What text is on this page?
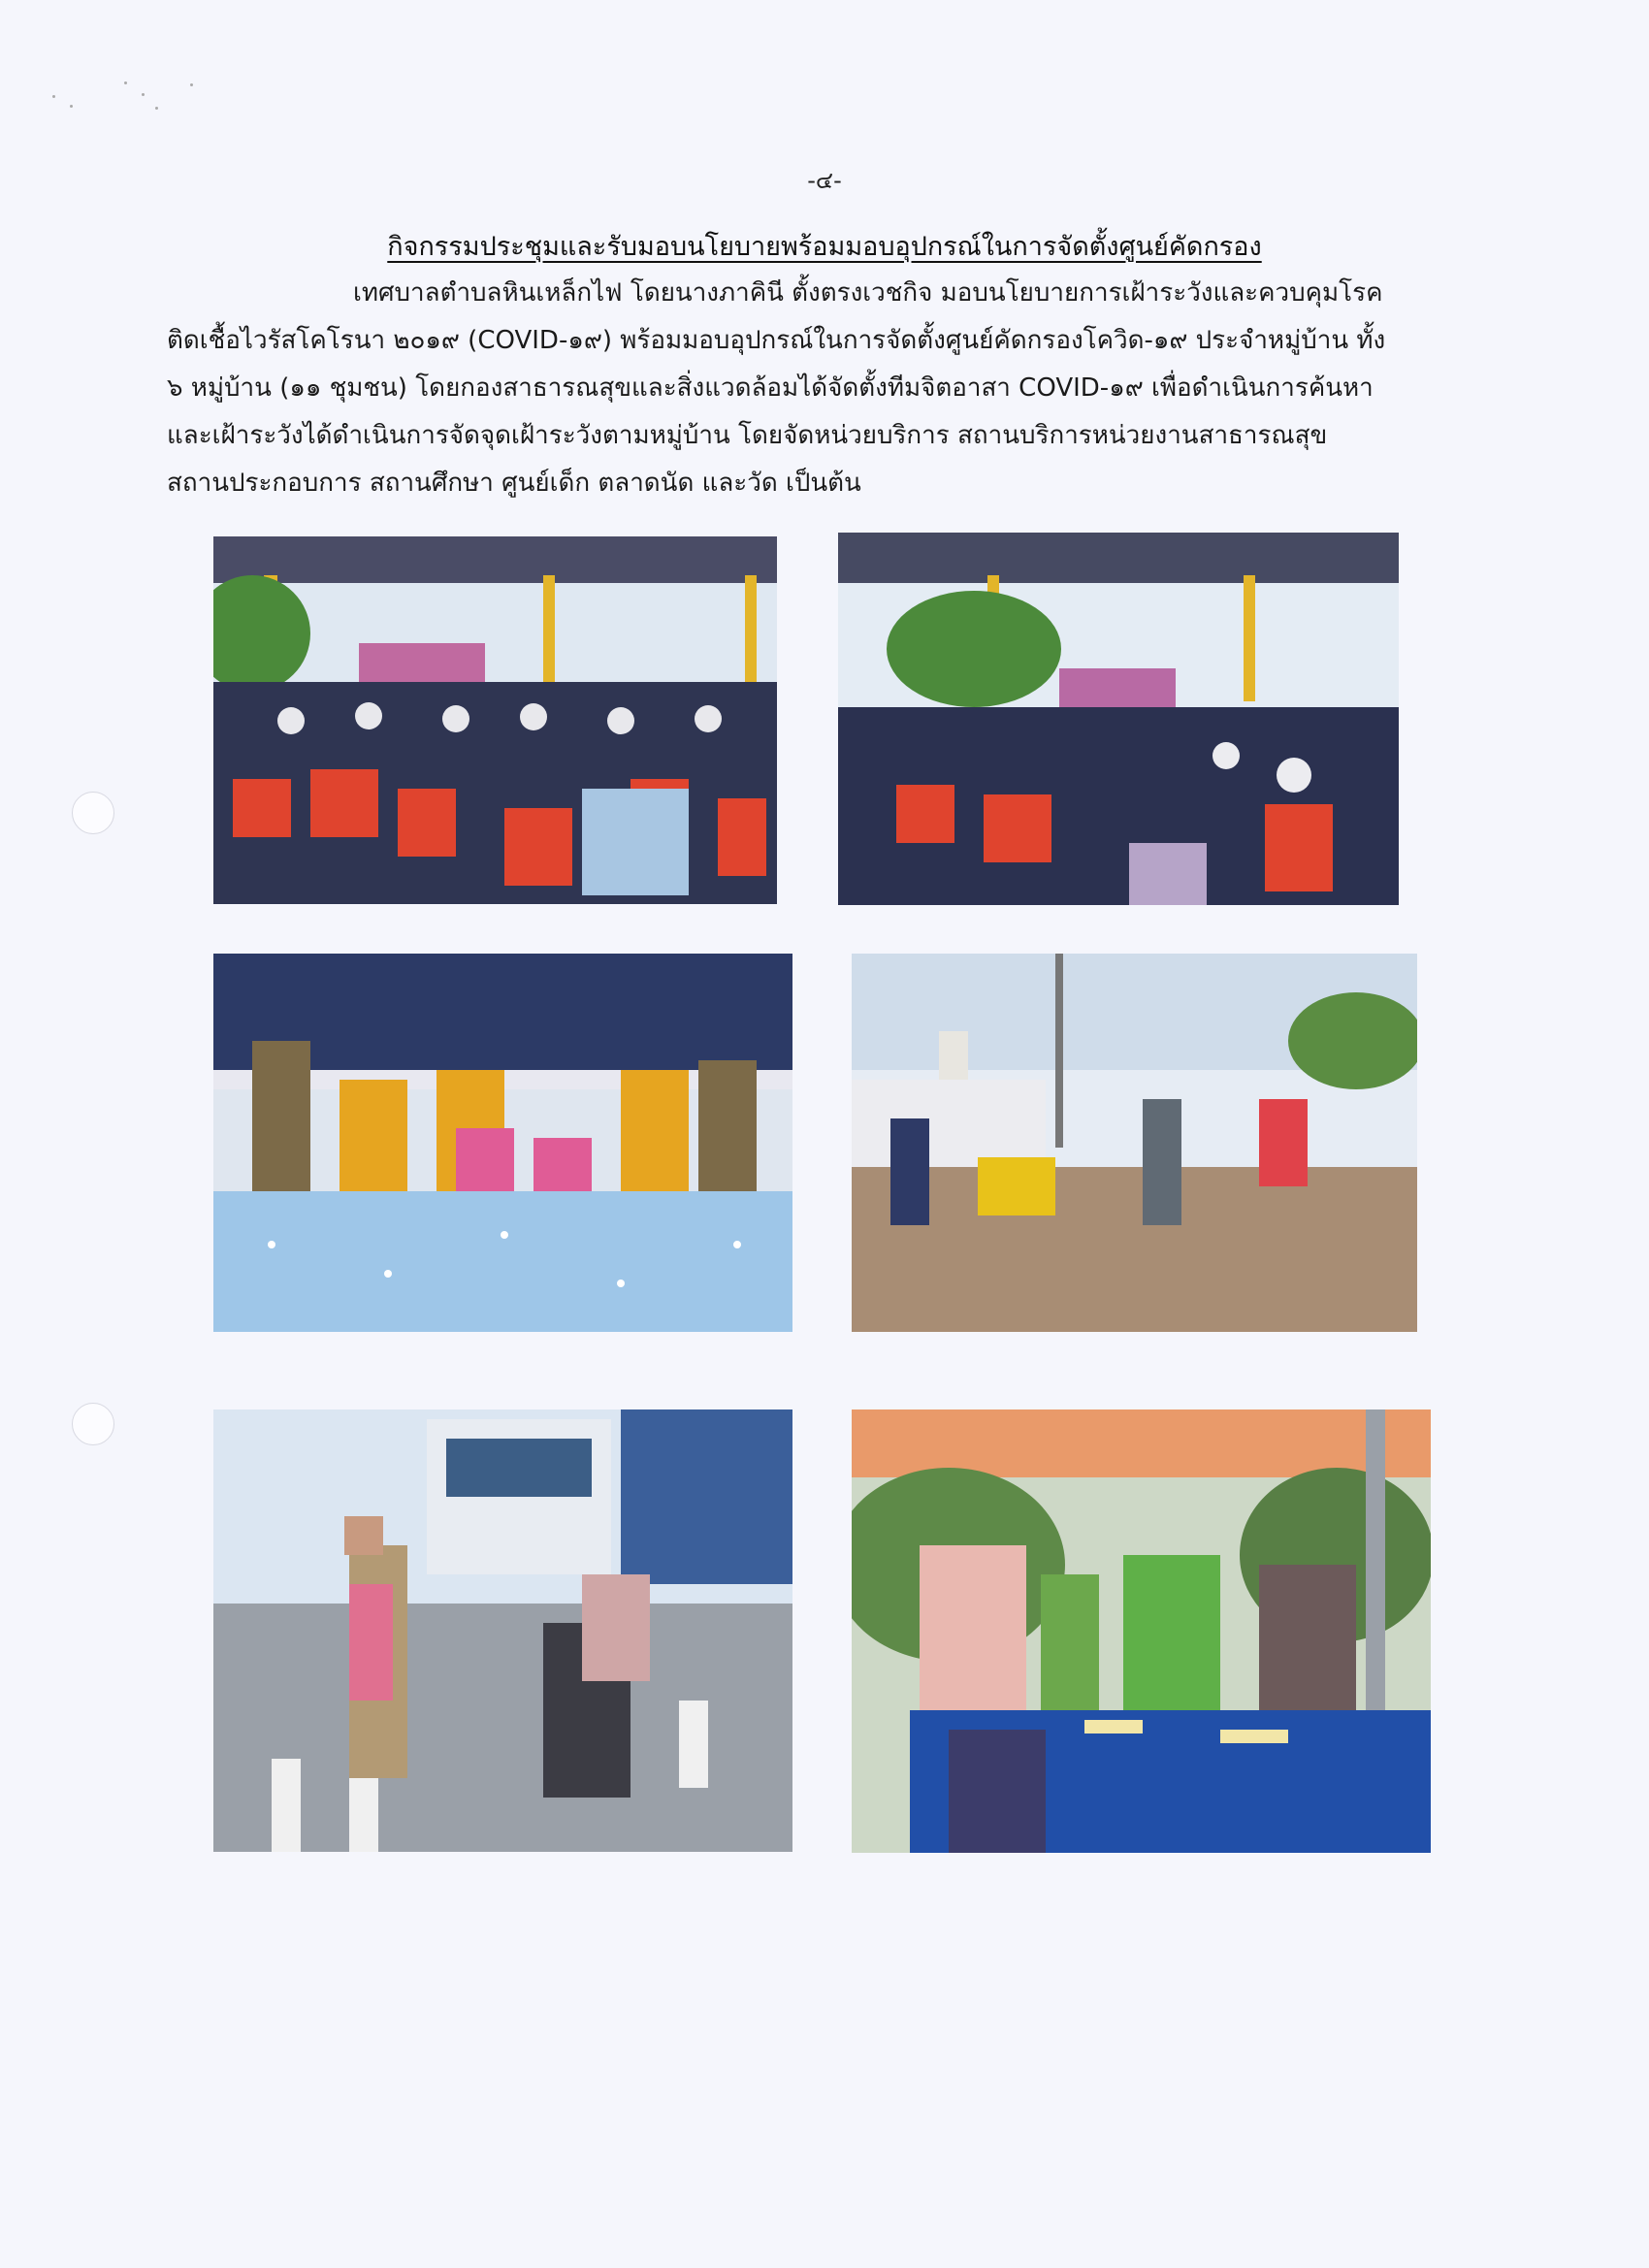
-๔-
กิจกรรมประชุมและรับมอบนโยบายพร้อมมอบอุปกรณ์ในการจัดตั้งศูนย์คัดกรอง
เทศบาลตำบลหินเหล็กไฟ โดยนางภาคินี ตั้งตรงเวชกิจ มอบนโยบายการเฝ้าระวังและควบคุมโรค
ติดเชื้อไวรัสโคโรนา ๒๐๑๙ (COVID-๑๙) พร้อมมอบอุปกรณ์ในการจัดตั้งศูนย์คัดกรองโควิด-๑๙ ประจำหมู่บ้าน ทั้ง
๖ หมู่บ้าน (๑๑ ชุมชน) โดยกองสาธารณสุขและสิ่งแวดล้อมได้จัดตั้งทีมจิตอาสา COVID-๑๙ เพื่อดำเนินการค้นหา
และเฝ้าระวังได้ดำเนินการจัดจุดเฝ้าระวังตามหมู่บ้าน โดยจัดหน่วยบริการ สถานบริการหน่วยงานสาธารณสุข
สถานประกอบการ สถานศึกษา ศูนย์เด็ก ตลาดนัด และวัด เป็นต้น
